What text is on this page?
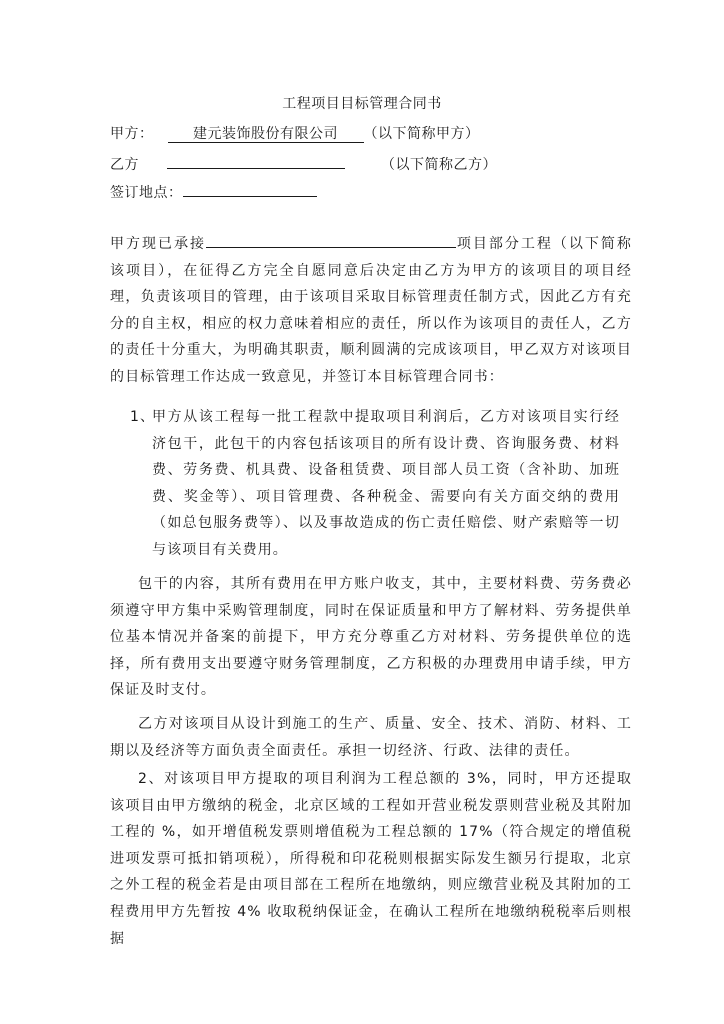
工程项目目标管理合同书
甲方：	建元装饰股份有限公司 （以下简称甲方）
乙方	（以下简称乙方）
签订地点：

甲方现已承接	项目部分工程（以下简称该项目），在征得乙方完全自愿同意后决定由乙方为甲方的该项目的项目经理，负责该项目的管理，由于该项目采取目标管理责任制方式，因此乙方有充分的自主权，相应的权力意味着相应的责任，所以作为该项目的责任人，乙方的责任十分重大，为明确其职责，顺利圆满的完成该项目，甲乙双方对该项目的目标管理工作达成一致意见，并签订本目标管理合同书：

1、
甲方从该工程每一批工程款中提取项目利润后，乙方对该项目实行经济包干，此包干的内容包括该项目的所有设计费、咨询服务费、材料费、劳务费、机具费、设备租赁费、项目部人员工资（含补助、加班费、奖金等）、项目管理费、各种税金、需要向有关方面交纳的费用（如总包服务费等）、以及事故造成的伤亡责任赔偿、财产索赔等一切与该项目有关费用。

包干的内容，其所有费用在甲方账户收支，其中，主要材料费、劳务费必须遵守甲方集中采购管理制度，同时在保证质量和甲方了解材料、劳务提供单位基本情况并备案的前提下，甲方充分尊重乙方对材料、劳务提供单位的选择，所有费用支出要遵守财务管理制度，乙方积极的办理费用申请手续，甲方保证及时支付。

乙方对该项目从设计到施工的生产、质量、安全、技术、消防、材料、工期以及经济等方面负责全面责任。承担一切经济、行政、法律的责任。

2、对该项目甲方提取的项目利润为工程总额的 3%，同时，甲方还提取该项目由甲方缴纳的税金，北京区域的工程如开营业税发票则营业税及其附加工程的 %，如开增值税发票则增值税为工程总额的 17%（符合规定的增值税进项发票可抵扣销项税），所得税和印花税则根据实际发生额另行提取，北京之外工程的税金若是由项目部在工程所在地缴纳，则应缴营业税及其附加的工程费用甲方先暂按 4% 收取税纳保证金，在确认工程所在地缴纳税税率后则根据
